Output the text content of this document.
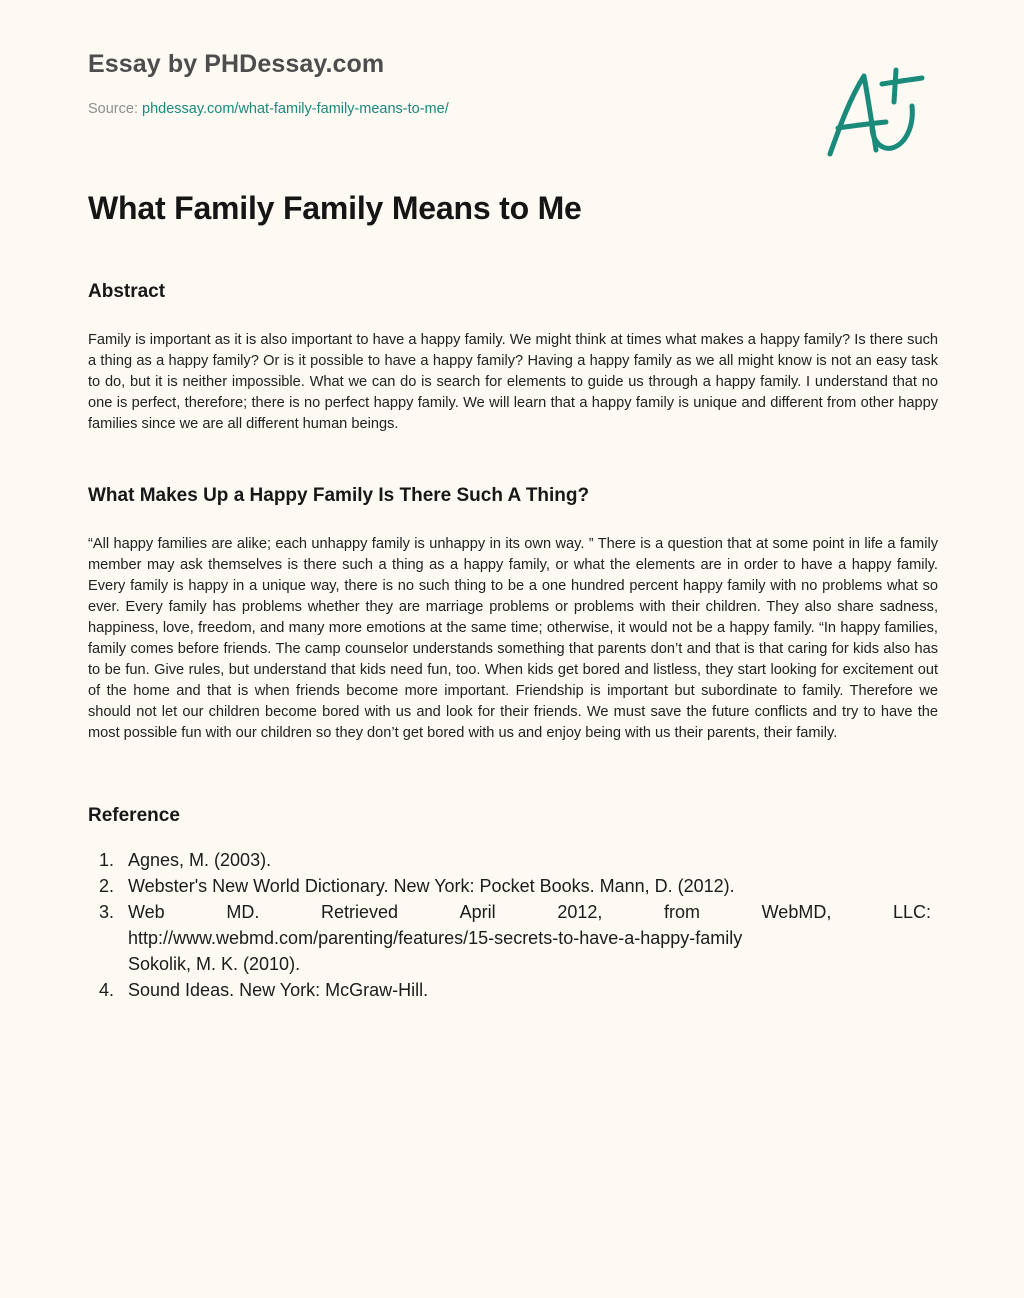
Essay by PHDessay.com
Source: phdessay.com/what-family-family-means-to-me/
What Family Family Means to Me
Abstract

Family is important as it is also important to have a happy family. We might think at times what makes a happy family? Is there such a thing as a happy family? Or is it possible to have a happy family? Having a happy family as we all might know is not an easy task to do, but it is neither impossible. What we can do is search for elements to guide us through a happy family. I understand that no one is perfect, therefore; there is no perfect happy family. We will learn that a happy family is unique and different from other happy families since we are all different human beings.

What Makes Up a Happy Family Is There Such A Thing?

“All happy families are alike; each unhappy family is unhappy in its own way. ” There is a question that at some point in life a family member may ask themselves is there such a thing as a happy family, or what the elements are in order to have a happy family. Every family is happy in a unique way, there is no such thing to be a one hundred percent happy family with no problems what so ever. Every family has problems whether they are marriage problems or problems with their children. They also share sadness, happiness, love, freedom, and many more emotions at the same time; otherwise, it would not be a happy family. “In happy families, family comes before friends. The camp counselor understands something that parents don’t and that is that caring for kids also has to be fun. Give rules, but understand that kids need fun, too. When kids get bored and listless, they start looking for excitement out of the home and that is when friends become more important. Friendship is important but subordinate to family. Therefore we should not let our children become bored with us and look for their friends. We must save the future conflicts and try to have the most possible fun with our children so they don’t get bored with us and enjoy being with us their parents, their family.

Reference
1. Agnes, M. (2003).
2. Webster's New World Dictionary. New York: Pocket Books. Mann, D. (2012).
3. Web	MD.	Retrieved	April	2012,	from	WebMD,	LLC:
http://www.webmd.com/parenting/features/15-secrets-to-have-a-happy-family
Sokolik, M. K. (2010).
4. Sound Ideas. New York: McGraw-Hill.
